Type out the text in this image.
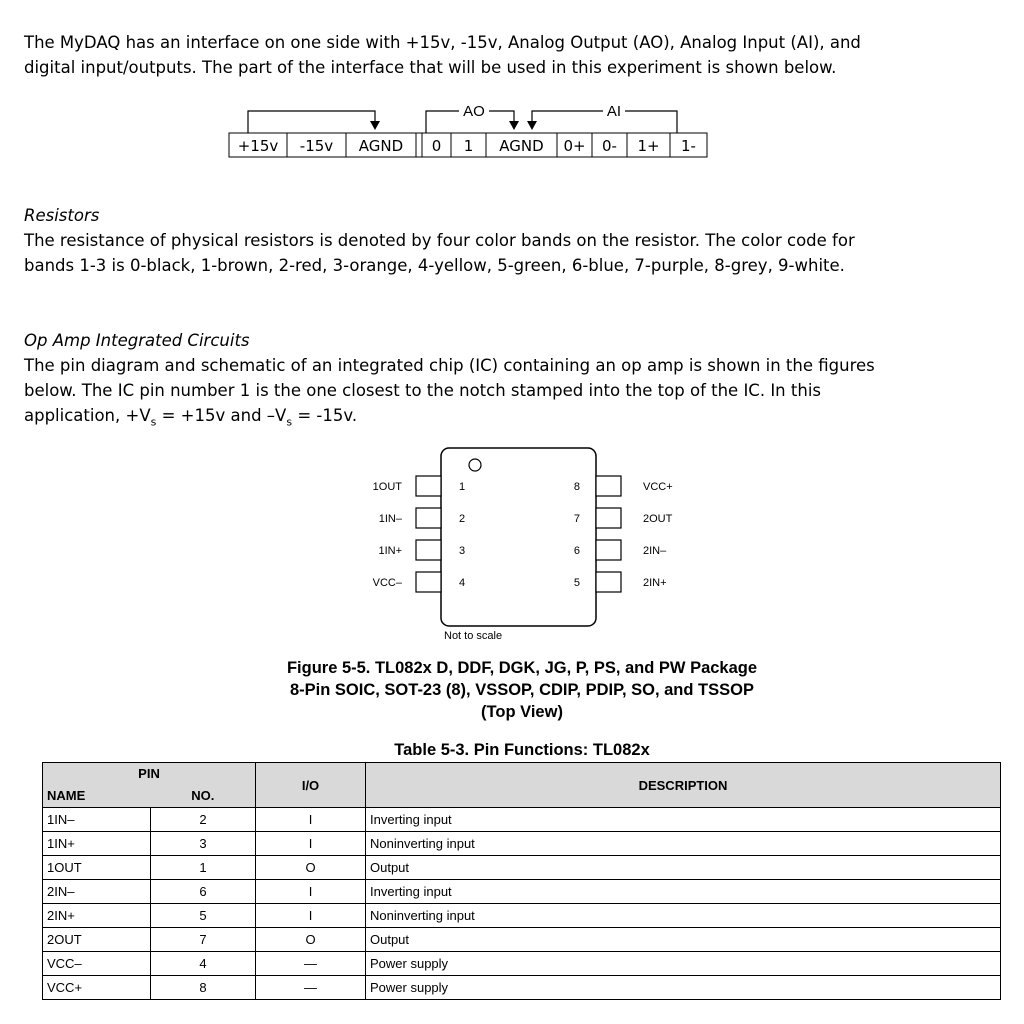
The MyDAQ has an interface on one side with +15v, -15v, Analog Output (AO), Analog Input (AI), and
digital input/outputs. The part of the interface that will be used in this experiment is shown below.

+15v -15v AGND 0 1 AGND 0+ 0- 1+ 1-
AO	AI

Resistors
The resistance of physical resistors is denoted by four color bands on the resistor. The color code for
bands 1-3 is 0-black, 1-brown, 2-red, 3-orange, 4-yellow, 5-green, 6-blue, 7-purple, 8-grey, 9-white.

Op Amp Integrated Circuits
The pin diagram and schematic of an integrated chip (IC) containing an op amp is shown in the figures
below. The IC pin number 1 is the one closest to the notch stamped into the top of the IC. In this
application, $+V_s = +15v$ and $-V_s = -15v$.

1OUT	1
1IN–	2
1IN+	3
VCC–	4
VCC+
8
2OUT
7
2IN–
6
2IN+
5
Not to scale
Figure 5-5. TL082x D, DDF, DGK, JG, P, PS, and PW Package
8-Pin SOIC, SOT-23 (8), VSSOP, CDIP, PDIP, SO, and TSSOP
(Top View)
Table 5-3. Pin Functions: TL082x
PIN		I/O	DESCRIPTION
NAME	NO.		
1IN–	2	I	Inverting input
1IN+	3	I	Noninverting input
1OUT	1	O	Output
2IN–	6	I	Inverting input
2IN+	5	I	Noninverting input
2OUT	7	O	Output
VCC–	4	—	Power supply
VCC+	8	—	Power supply
